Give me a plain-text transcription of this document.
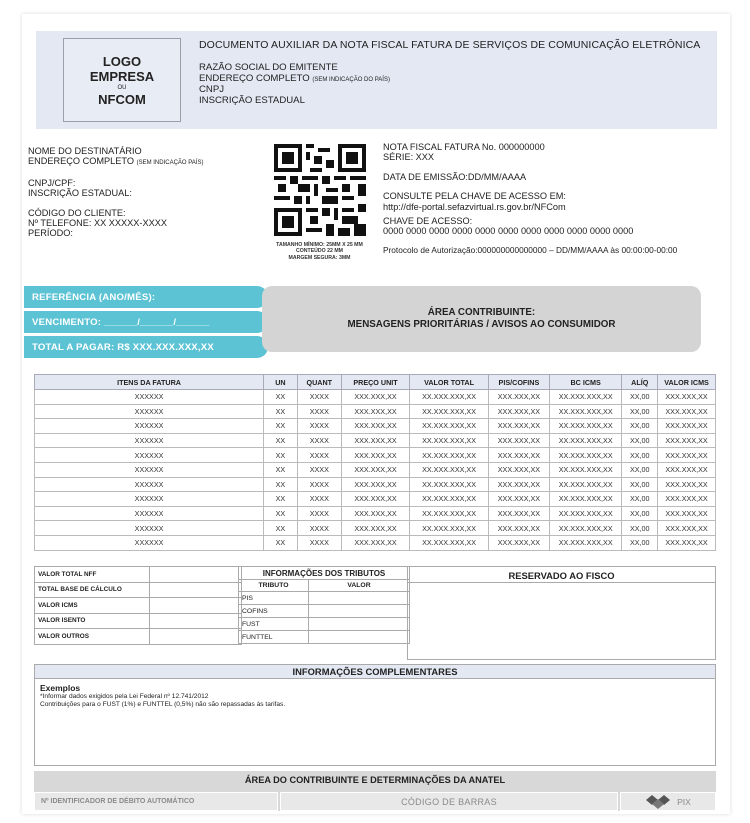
LOGO
EMPRESA
OU
NFCOM
DOCUMENTO AUXILIAR DA NOTA FISCAL FATURA DE SERVIÇOS DE COMUNICAÇÃO ELETRÔNICA
RAZÃO SOCIAL DO EMITENTE
ENDEREÇO COMPLETO (SEM INDICAÇÃO DO PAÍS)
CNPJ
INSCRIÇÃO ESTADUAL
NOME DO DESTINATÁRIO
ENDEREÇO COMPLETO (SEM INDICAÇÃO PAÍS)
CNPJ/CPF:
INSCRIÇÃO ESTADUAL:
CÓDIGO DO CLIENTE:
Nº TELEFONE: XX XXXXX-XXXX
PERÍODO:
TAMANHO MÍNIMO: 25MM X 25 MM
CONTEÚDO 22 MM
MARGEM SEGURA: 3MM
NOTA FISCAL FATURA No. 000000000
SÉRIE: XXX
DATA DE EMISSÃO:DD/MM/AAAA
CONSULTE PELA CHAVE DE ACESSO EM:
http://dfe-portal.sefazvirtual.rs.gov.br/NFCom
CHAVE DE ACESSO:
0000 0000 0000 0000 0000 0000 0000 0000 0000 0000 0000
Protocolo de Autorização:000000000000000 – DD/MM/AAAA às 00:00:00-00:00
REFERÊNCIA (ANO/MÊS):
VENCIMENTO: ______/______/______
TOTAL A PAGAR: R$ XXX.XXX.XXX,XX
ÁREA CONTRIBUINTE:
MENSAGENS PRIORITÁRIAS / AVISOS AO CONSUMIDOR
ITENS DA FATURA	UN	QUANT	PREÇO UNIT	VALOR TOTAL	PIS/COFINS	BC ICMS	ALÍQ	VALOR ICMS
XXXXXX	XX	XXXX	XXX.XXX,XX	XX.XXX.XXX,XX	XXX.XXX,XX	XX.XXX.XXX,XX	XX,00	XXX.XXX,XX
XXXXXX	XX	XXXX	XXX.XXX,XX	XX.XXX.XXX,XX	XXX.XXX,XX	XX.XXX.XXX,XX	XX,00	XXX.XXX,XX
XXXXXX	XX	XXXX	XXX.XXX,XX	XX.XXX.XXX,XX	XXX.XXX,XX	XX.XXX.XXX,XX	XX,00	XXX.XXX,XX
XXXXXX	XX	XXXX	XXX.XXX,XX	XX.XXX.XXX,XX	XXX.XXX,XX	XX.XXX.XXX,XX	XX,00	XXX.XXX,XX
XXXXXX	XX	XXXX	XXX.XXX,XX	XX.XXX.XXX,XX	XXX.XXX,XX	XX.XXX.XXX,XX	XX,00	XXX.XXX,XX
XXXXXX	XX	XXXX	XXX.XXX,XX	XX.XXX.XXX,XX	XXX.XXX,XX	XX.XXX.XXX,XX	XX,00	XXX.XXX,XX
XXXXXX	XX	XXXX	XXX.XXX,XX	XX.XXX.XXX,XX	XXX.XXX,XX	XX.XXX.XXX,XX	XX,00	XXX.XXX,XX
XXXXXX	XX	XXXX	XXX.XXX,XX	XX.XXX.XXX,XX	XXX.XXX,XX	XX.XXX.XXX,XX	XX,00	XXX.XXX,XX
XXXXXX	XX	XXXX	XXX.XXX,XX	XX.XXX.XXX,XX	XXX.XXX,XX	XX.XXX.XXX,XX	XX,00	XXX.XXX,XX
XXXXXX	XX	XXXX	XXX.XXX,XX	XX.XXX.XXX,XX	XXX.XXX,XX	XX.XXX.XXX,XX	XX,00	XXX.XXX,XX
XXXXXX	XX	XXXX	XXX.XXX,XX	XX.XXX.XXX,XX	XXX.XXX,XX	XX.XXX.XXX,XX	XX,00	XXX.XXX,XX
VALOR TOTAL NFF	
TOTAL BASE DE CÁLCULO	
VALOR ICMS	
VALOR ISENTO	
VALOR OUTROS	
INFORMAÇÕES DOS TRIBUTOS	
TRIBUTO	VALOR
PIS	
COFINS	
FUST	
FUNTTEL	
RESERVADO AO FISCO
INFORMAÇÕES COMPLEMENTARES
Exemplos
*Informar dados exigidos pela Lei Federal nº 12.741/2012
Contribuições para o FUST (1%) e FUNTTEL (0,5%) não são repassadas às tarifas.
ÁREA DO CONTRIBUINTE E DETERMINAÇÕES DA ANATEL
Nº IDENTIFICADOR DE DÉBITO AUTOMÁTICO	CÓDIGO DE BARRAS	PIX
